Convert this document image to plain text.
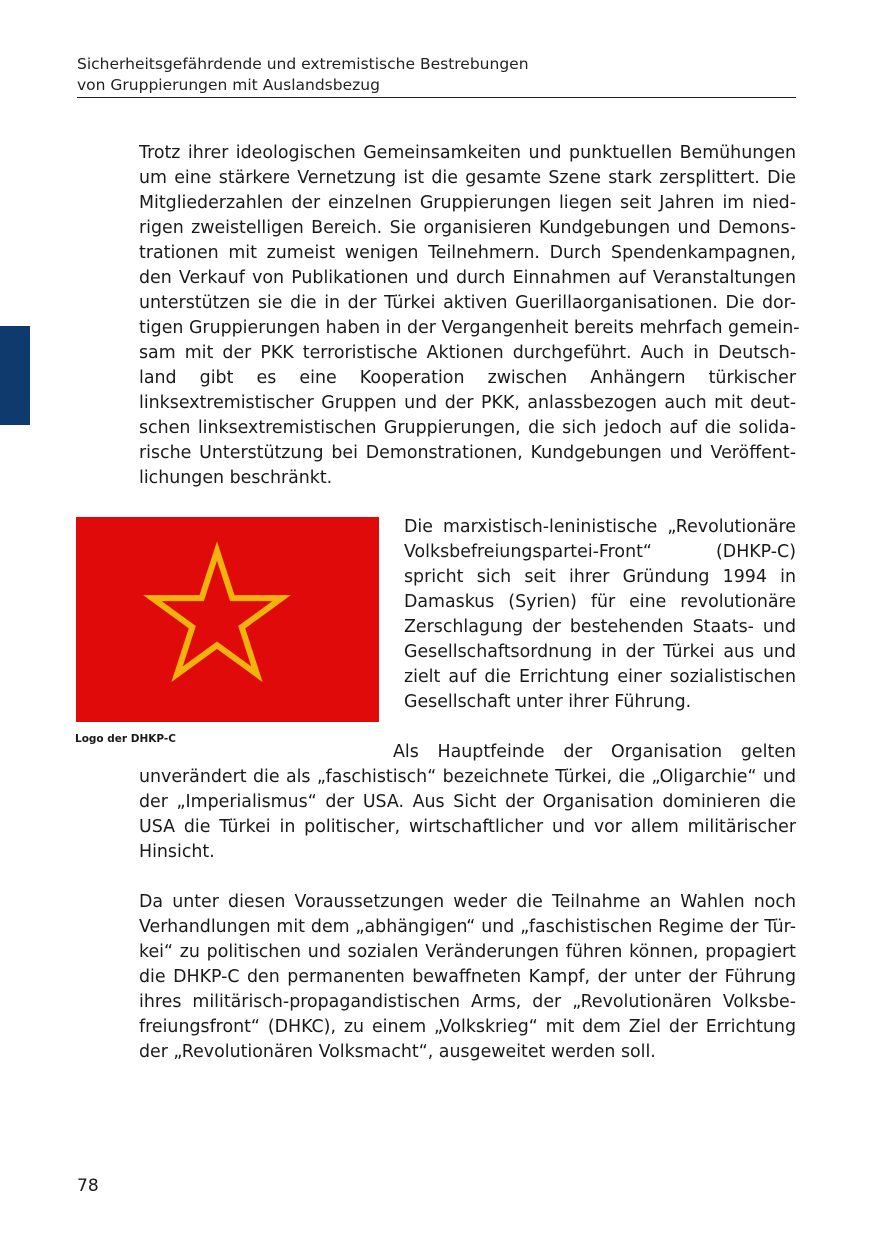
Sicherheitsgefährdende und extremistische Bestrebungen
von Gruppierungen mit Auslandsbezug
Trotz ihrer ideologischen Gemeinsamkeiten und punktuellen Bemühungen
um eine stärkere Vernetzung ist die gesamte Szene stark zersplittert. Die
Mitgliederzahlen der einzelnen Gruppierungen liegen seit Jahren im nied-
rigen zweistelligen Bereich. Sie organisieren Kundgebungen und Demons-
trationen mit zumeist wenigen Teilnehmern. Durch Spendenkampagnen,
den Verkauf von Publikationen und durch Einnahmen auf Veranstaltungen
unterstützen sie die in der Türkei aktiven Guerillaorganisationen. Die dor-
tigen Gruppierungen haben in der Vergangenheit bereits mehrfach gemein-
sam mit der PKK terroristische Aktionen durchgeführt. Auch in Deutsch-
land gibt es eine Kooperation zwischen Anhängern türkischer
linksextremistischer Gruppen und der PKK, anlassbezogen auch mit deut-
schen linksextremistischen Gruppierungen, die sich jedoch auf die solida-
rische Unterstützung bei Demonstrationen, Kundgebungen und Veröffent-
lichungen beschränkt.
Logo der DHKP-C
Die marxistisch-leninistische „Revolutionäre
Volksbefreiungspartei-Front“ (DHKP-C)
spricht sich seit ihrer Gründung 1994 in
Damaskus (Syrien) für eine revolutionäre
Zerschlagung der bestehenden Staats- und
Gesellschaftsordnung in der Türkei aus und
zielt auf die Errichtung einer sozialistischen
Gesellschaft unter ihrer Führung.
Als Hauptfeinde der Organisation gelten
unverändert die als „faschistisch“ bezeichnete Türkei, die „Oligarchie“ und
der „Imperialismus“ der USA. Aus Sicht der Organisation dominieren die
USA die Türkei in politischer, wirtschaftlicher und vor allem militärischer
Hinsicht.
Da unter diesen Voraussetzungen weder die Teilnahme an Wahlen noch
Verhandlungen mit dem „abhängigen“ und „faschistischen Regime der Tür-
kei“ zu politischen und sozialen Veränderungen führen können, propagiert
die DHKP-C den permanenten bewaffneten Kampf, der unter der Führung
ihres militärisch-propagandistischen Arms, der „Revolutionären Volksbe-
freiungsfront“ (DHKC), zu einem „Volkskrieg“ mit dem Ziel der Errichtung
der „Revolutionären Volksmacht“, ausgeweitet werden soll.
78
